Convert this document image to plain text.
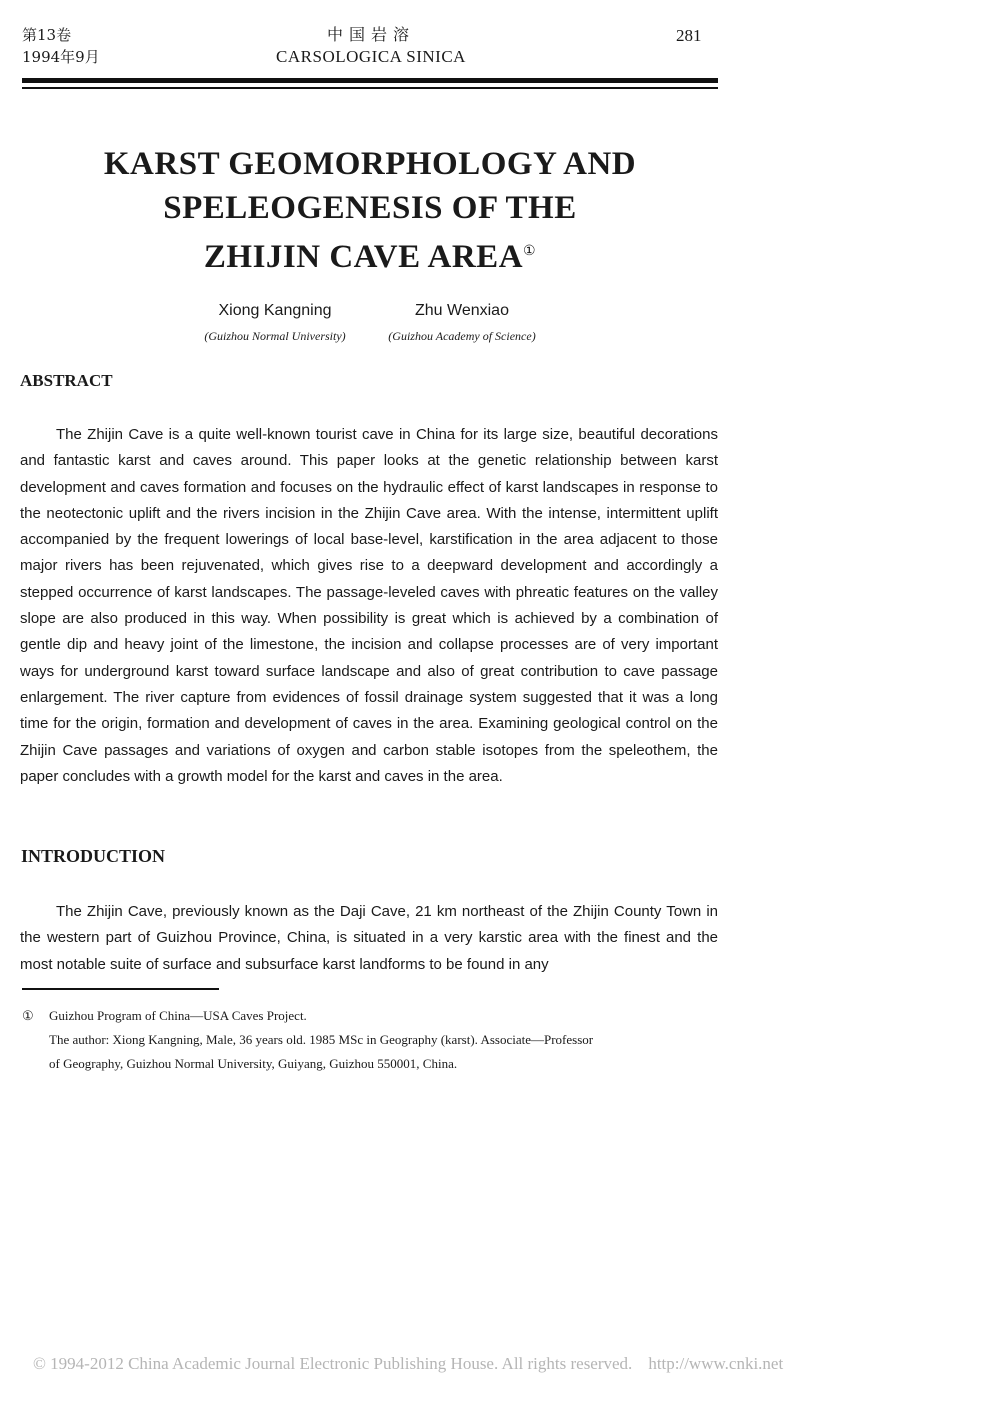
第13卷
1994年9月
中国岩溶
CARSOLOGICA SINICA
281
KARST GEOMORPHOLOGY AND
SPELEOGENESIS OF THE
ZHIJIN CAVE AREA①
Xiong Kangning
(Guizhou Normal University)
Zhu Wenxiao
(Guizhou Academy of Science)
ABSTRACT
The Zhijin Cave is a quite well-known tourist cave in China for its large size, beautiful decorations and fantastic karst and caves around. This paper looks at the genetic relationship between karst development and caves formation and focuses on the hydraulic effect of karst landscapes in response to the neotectonic uplift and the rivers incision in the Zhijin Cave area. With the intense, intermittent uplift accompanied by the frequent lowerings of local base-level, karstification in the area adjacent to those major rivers has been rejuvenated, which gives rise to a deepward development and accordingly a stepped occurrence of karst landscapes. The passage-leveled caves with phreatic features on the valley slope are also produced in this way. When possibility is great which is achieved by a combination of gentle dip and heavy joint of the limestone, the incision and collapse processes are of very important ways for underground karst toward surface landscape and also of great contribution to cave passage enlargement. The river capture from evidences of fossil drainage system suggested that it was a long time for the origin, formation and development of caves in the area. Examining geological control on the Zhijin Cave passages and variations of oxygen and carbon stable isotopes from the speleothem, the paper concludes with a growth model for the karst and caves in the area.
INTRODUCTION
The Zhijin Cave, previously known as the Daji Cave, 21 km northeast of the Zhijin County Town in the western part of Guizhou Province, China, is situated in a very karstic area with the finest and the most notable suite of surface and subsurface karst landforms to be found in any
① Guizhou Program of China—USA Caves Project.
The author: Xiong Kangning, Male, 36 years old. 1985 MSc in Geography (karst). Associate—Professor
of Geography, Guizhou Normal University, Guiyang, Guizhou 550001, China.
© 1994-2012 China Academic Journal Electronic Publishing House. All rights reserved. http://www.cnki.net
